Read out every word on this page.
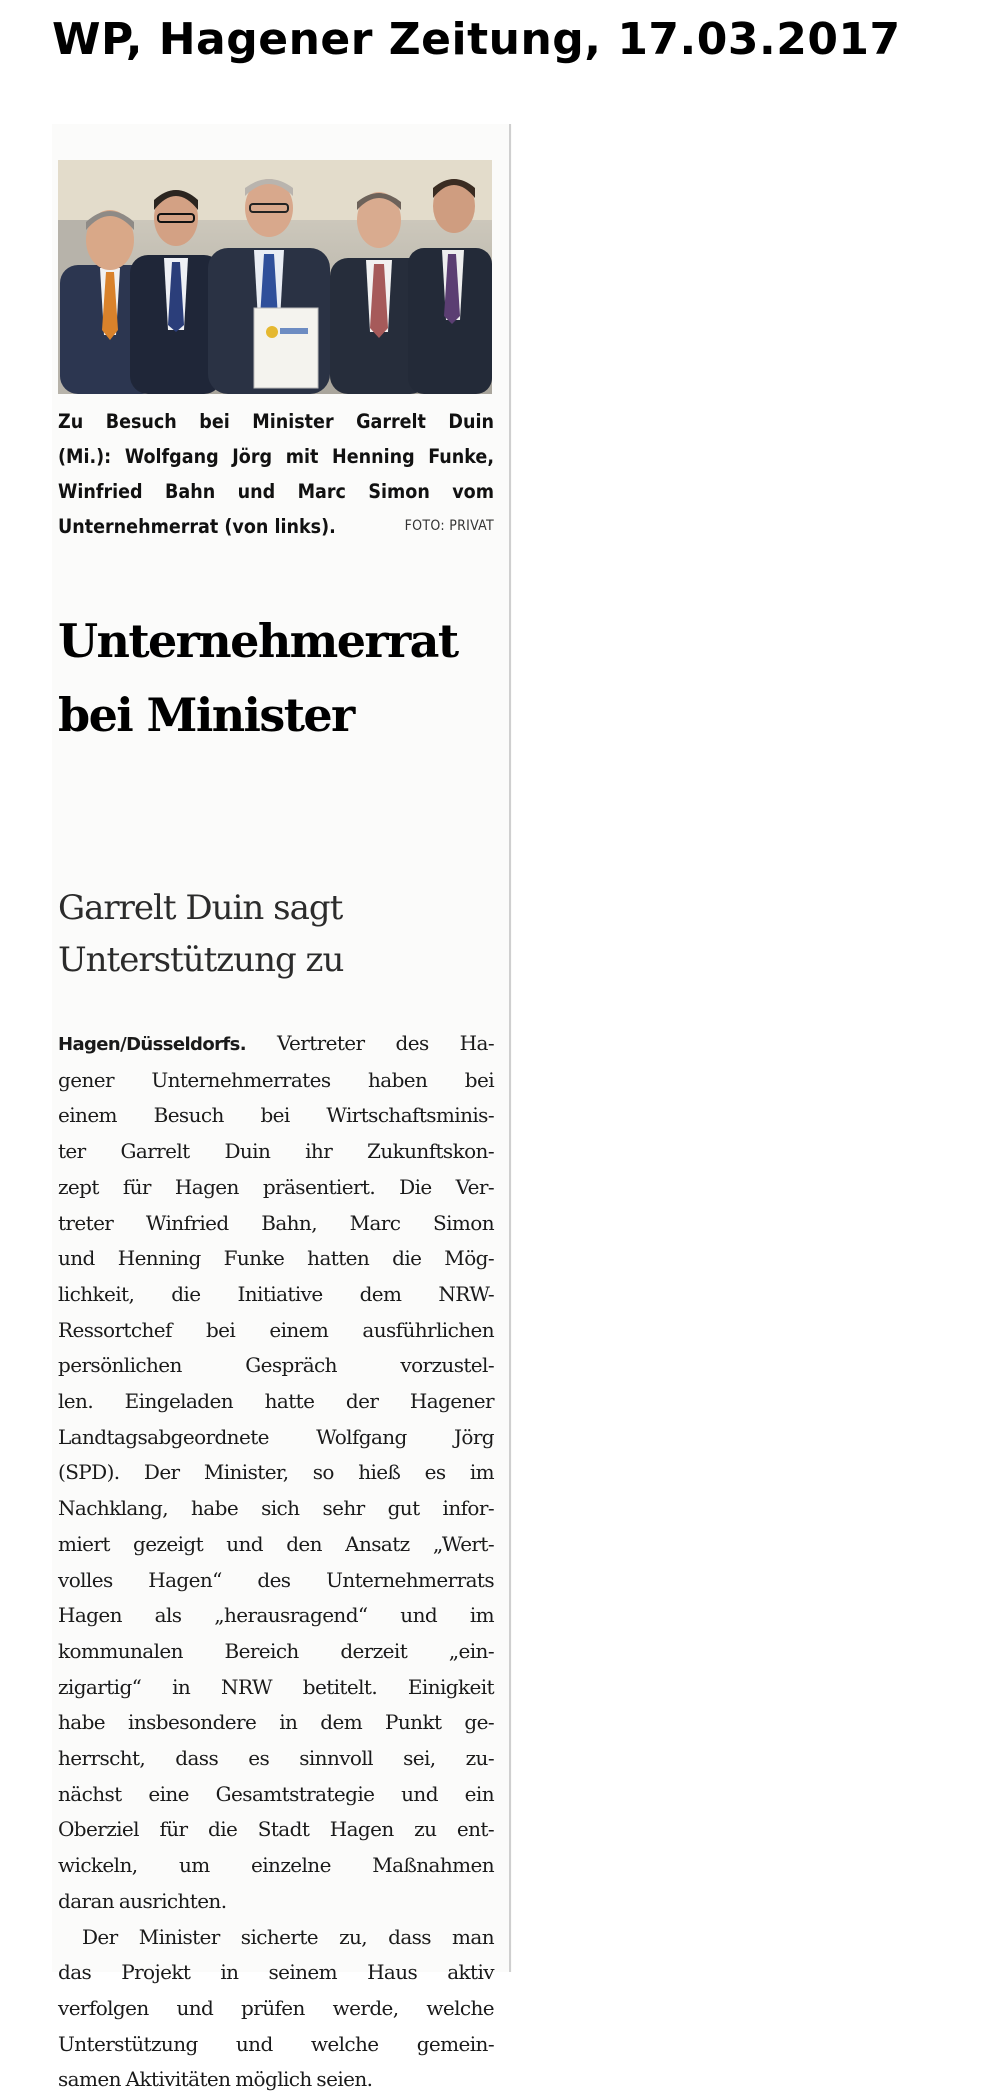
WP, Hagener Zeitung, 17.03.2017
Zu Besuch bei Minister Garrelt Duin
(Mi.): Wolfgang Jörg mit Henning Funke,
Winfried Bahn und Marc Simon vom
Unternehmerrat (von links).	FOTO: PRIVAT
Unternehmerrat
bei Minister
Garrelt Duin sagt
Unterstützung zu
Hagen/Düsseldorfs. Vertreter des Ha-
gener Unternehmerrates haben bei
einem Besuch bei Wirtschaftsminis-
ter Garrelt Duin ihr Zukunftskon-
zept für Hagen präsentiert. Die Ver-
treter Winfried Bahn, Marc Simon
und Henning Funke hatten die Mög-
lichkeit, die Initiative dem NRW-
Ressortchef bei einem ausführlichen
persönlichen Gespräch vorzustel-
len. Eingeladen hatte der Hagener
Landtagsabgeordnete Wolfgang Jörg
(SPD). Der Minister, so hieß es im
Nachklang, habe sich sehr gut infor-
miert gezeigt und den Ansatz „Wert-
volles Hagen“ des Unternehmerrats
Hagen als „herausragend“ und im
kommunalen Bereich derzeit „ein-
zigartig“ in NRW betitelt. Einigkeit
habe insbesondere in dem Punkt ge-
herrscht, dass es sinnvoll sei, zu-
nächst eine Gesamtstrategie und ein
Oberziel für die Stadt Hagen zu ent-
wickeln, um einzelne Maßnahmen
daran ausrichten.
Der Minister sicherte zu, dass man
das Projekt in seinem Haus aktiv
verfolgen und prüfen werde, welche
Unterstützung und welche gemein-
samen Aktivitäten möglich seien.
